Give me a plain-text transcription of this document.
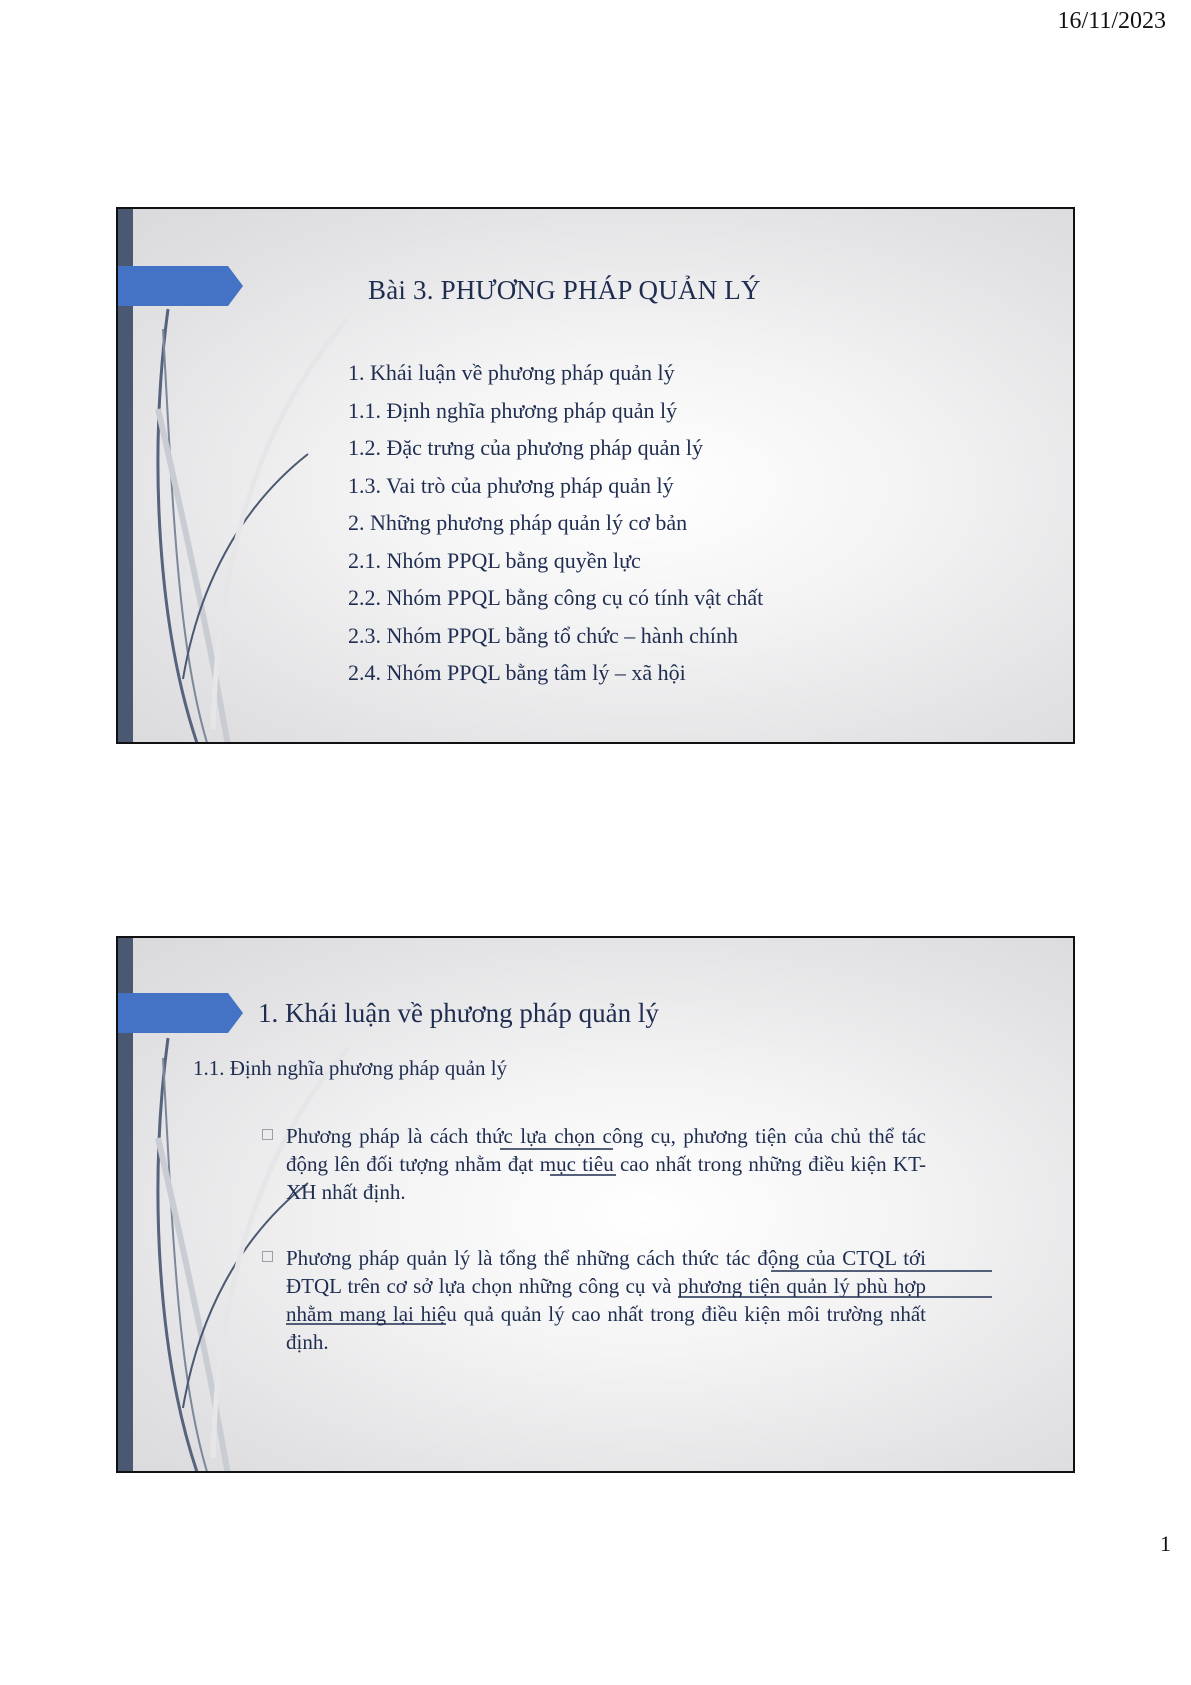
16/11/2023
Bài 3. PHƯƠNG PHÁP QUẢN LÝ
1. Khái luận về phương pháp quản lý
1.1. Định nghĩa phương pháp quản lý
1.2. Đặc trưng của phương pháp quản lý
1.3. Vai trò của phương pháp quản lý
2. Những phương pháp quản lý cơ bản
2.1. Nhóm PPQL bằng quyền lực
2.2. Nhóm PPQL bằng công cụ có tính vật chất
2.3. Nhóm PPQL bằng tổ chức – hành chính
2.4. Nhóm PPQL bằng tâm lý – xã hội
1. Khái luận về phương pháp quản lý
1.1. Định nghĩa phương pháp quản lý
Phương pháp là cách thức lựa chọn công cụ, phương tiện của chủ thể tác động lên đối tượng nhằm đạt mục tiêu cao nhất trong những điều kiện KT-XH nhất định.
Phương pháp quản lý là tổng thể những cách thức tác động của CTQL tới ĐTQL trên cơ sở lựa chọn những công cụ và phương tiện quản lý phù hợp nhằm mang lại hiệu quả quản lý cao nhất trong điều kiện môi trường nhất định.
1
